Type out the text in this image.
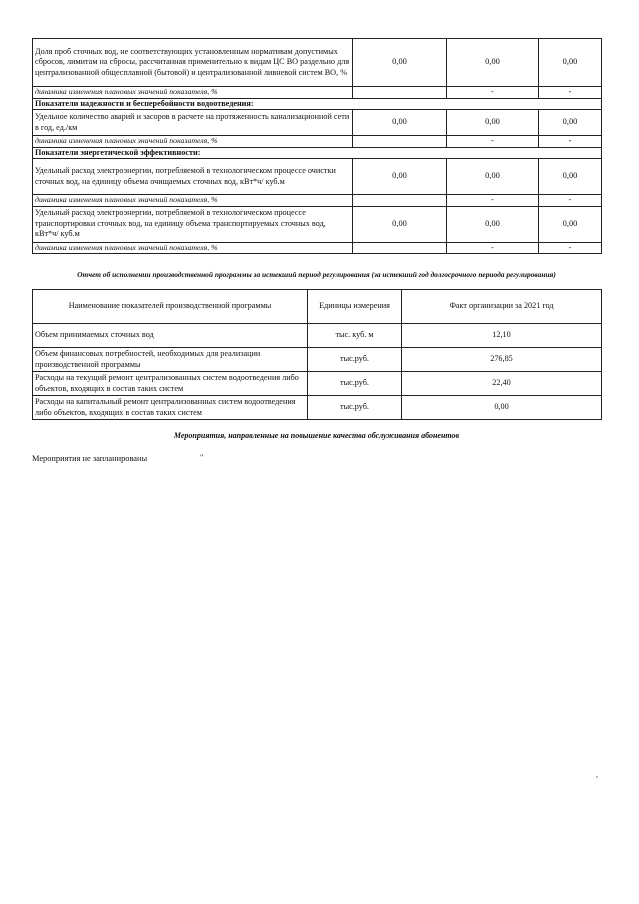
Доля проб сточных вод, не соответствующих установленным нормативам допустимых сбросов, лимитам на сбросы, рассчитанная применительно к видам ЦС ВО раздельно для централизованной общесплавной (бытовой) и централизованной ливневой систем ВО, %	0,00	0,00	0,00
динамика изменения плановых значений показателя, %		-	-
Показатели надежности и бесперебойности водоотведения:			
Удельное количество аварий и засоров в расчете на протяженность канализационной сети в год, ед./км	0,00	0,00	0,00
динамика изменения плановых значений показателя, %		-	-
Показатели энергетической эффективности:			
Удельный расход электроэнергии, потребляемой в технологическом процессе очистки сточных вод, на единицу объема очищаемых сточных вод, кВт*ч/ куб.м	0,00	0,00	0,00
динамика изменения плановых значений показателя, %		-	-
Удельный расход электроэнергии, потребляемой в технологическом процессе транспортировки сточных вод, на единицу объема транспортируемых сточных вод, кВт*ч/ куб.м	0,00	0,00	0,00
динамика изменения плановых значений показателя, %		-	-
Отчет об исполнении производственной программы за истекший период регулирования (за истекший год долгосрочного периода регулирования)
Наименование показателей производственной программы	Единицы измерения	Факт организации за 2021 год
Объем принимаемых сточных вод	тыс. куб. м	12,10
Объем финансовых потребностей, необходимых для реализации производственной программы	тыс.руб.	276,85
Расходы на текущий ремонт централизованных систем водоотведения либо объектов, входящих в состав таких систем	тыс.руб.	22,40
Расходы на капитальный ремонт централизованных систем водоотведения либо объектов, входящих в состав таких систем	тыс.руб.	0,00
Мероприятия, направленные на повышение качества обслуживания абонентов
Мероприятия не запланированы	"
